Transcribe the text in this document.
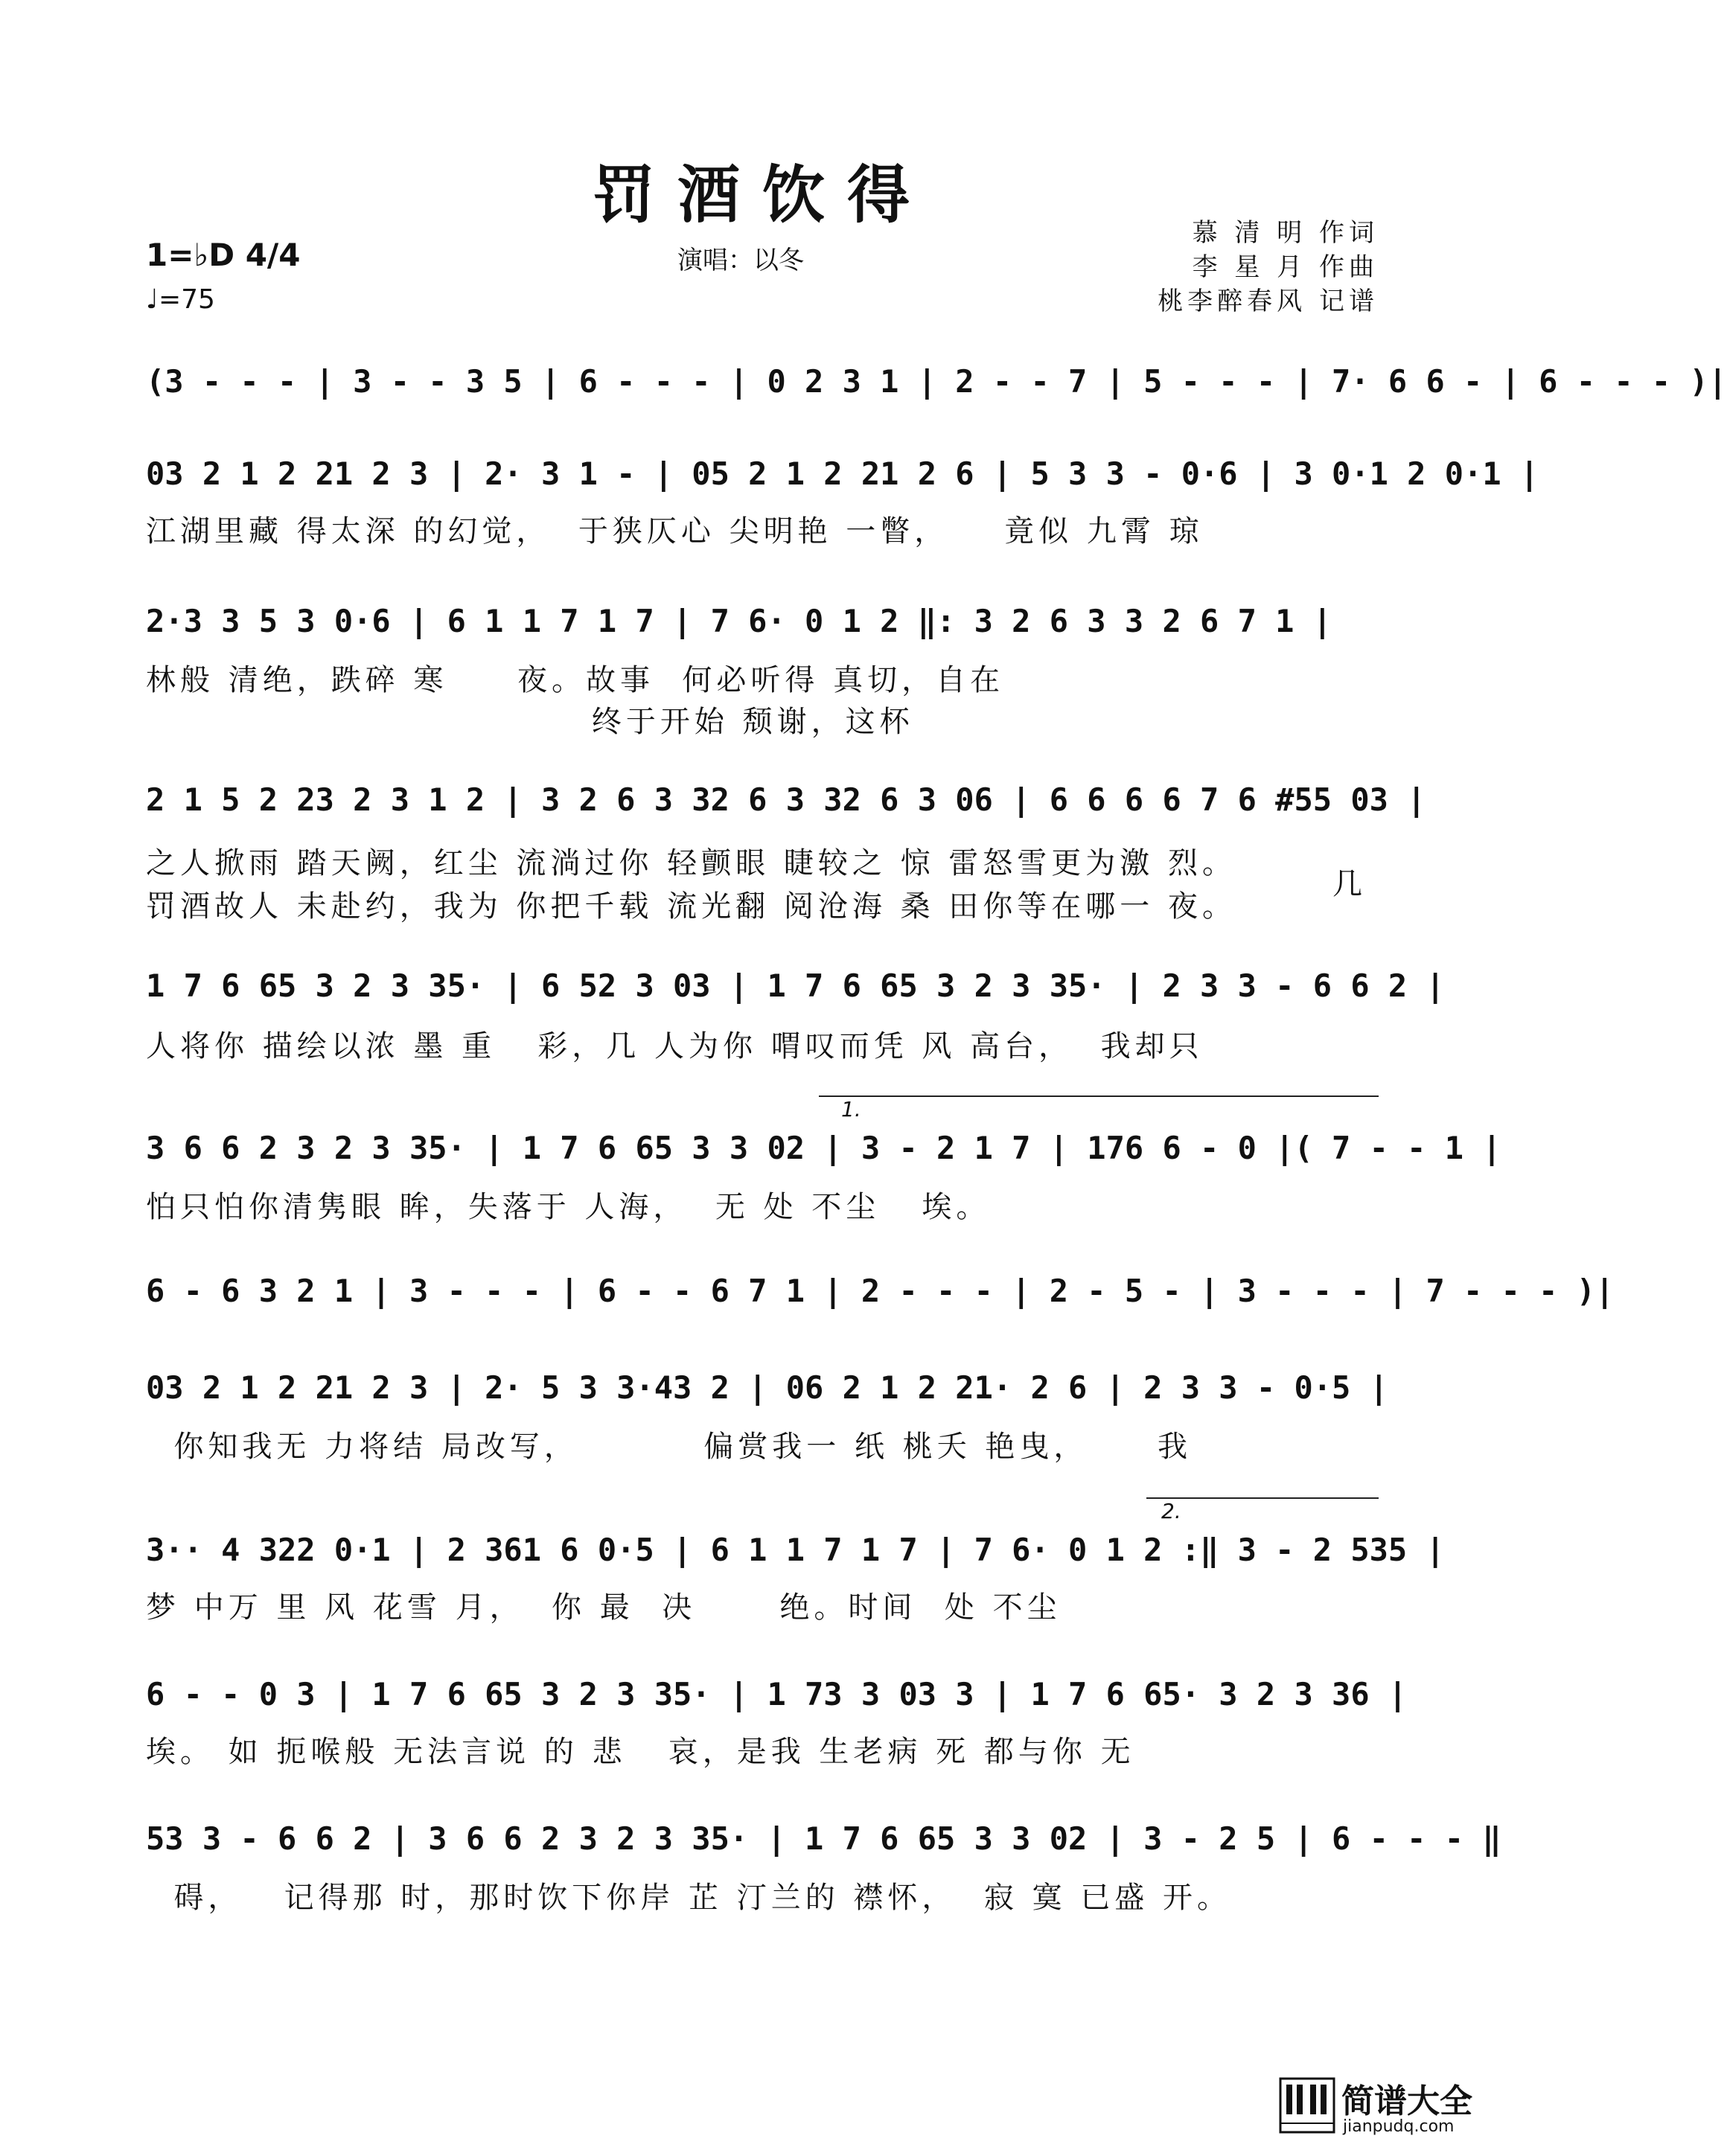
罚酒饮得
1=♭D 4/4
♩=75
演唱：以冬
慕 清 明 作词
李 星 月 作曲
桃李醉春风 记谱
(3 - - - | 3 - - 3 5 | 6 - - - | 0 2 3 1 | 2 - - 7 | 5 - - - | 7· 6 6 - | 6 - - - )|
03 2 1 2 21 2 3 | 2· 3 1 - | 05 2 1 2 21 2 6 | 5 3 3 - 0·6 | 3 0·1 2 0·1 |
江湖里藏 得太深 的幻觉，  于狭仄心 尖明艳 一瞥，    竟似 九霄 琼
2·3 3 5 3 0·6 | 6 1 1 7 1 7 | 7 6· 0 1 2 ‖: 3 2 6 3 3 2 6 7 1 |
林般 清绝，跌碎 寒     夜。故事  何必听得 真切，自在
终于开始 颓谢，这杯
2 1 5 2 23 2 3 1 2 | 3 2 6 3 32 6 3 32 6 3 06 | 6 6 6 6 7 6 #55 03 |
之人掀雨 踏天阙，红尘 流淌过你 轻颤眼 睫较之 惊 雷怒雪更为激 烈。
罚酒故人 未赴约，我为 你把千载 流光翻 阅沧海 桑 田你等在哪一 夜。
几
1 7 6 65 3 2 3 35· | 6 52 3 03 | 1 7 6 65 3 2 3 35· | 2 3 3 - 6 6 2 |
人将你 描绘以浓 墨 重   彩，几 人为你 喟叹而凭 风 高台，  我却只
1.
3 6 6 2 3 2 3 35· | 1 7 6 65 3 3 02 | 3 - 2 1 7 | 176 6 - 0 |( 7 - - 1 |
怕只怕你清隽眼 眸，失落于 人海，  无 处 不尘   埃。
6 - 6 3 2 1 | 3 - - - | 6 - - 6 7 1 | 2 - - - | 2 - 5 - | 3 - - - | 7 - - - )|
03 2 1 2 21 2 3 | 2· 5 3 3·43 2 | 06 2 1 2 21· 2 6 | 2 3 3 - 0·5 |
你知我无 力将结 局改写，         偏赏我一 纸 桃夭 艳曳，     我
2.
3·· 4 322 0·1 | 2 361 6 0·5 | 6 1 1 7 1 7 | 7 6· 0 1 2 :‖ 3 - 2 535 |
梦 中万 里 风 花雪 月，  你 最  决      绝。时间  处 不尘
6 - - 0 3 | 1 7 6 65 3 2 3 35· | 1 73 3 03 3 | 1 7 6 65· 3 2 3 36 |
埃。 如 扼喉般 无法言说 的 悲   哀，是我 生老病 死 都与你 无
53 3 - 6 6 2 | 3 6 6 2 3 2 3 35· | 1 7 6 65 3 3 02 | 3 - 2 5 | 6 - - - ‖
碍，   记得那 时，那时饮下你岸 芷 汀兰的 襟怀，  寂 寞 已盛 开。
简谱大全
jianpudq.com
